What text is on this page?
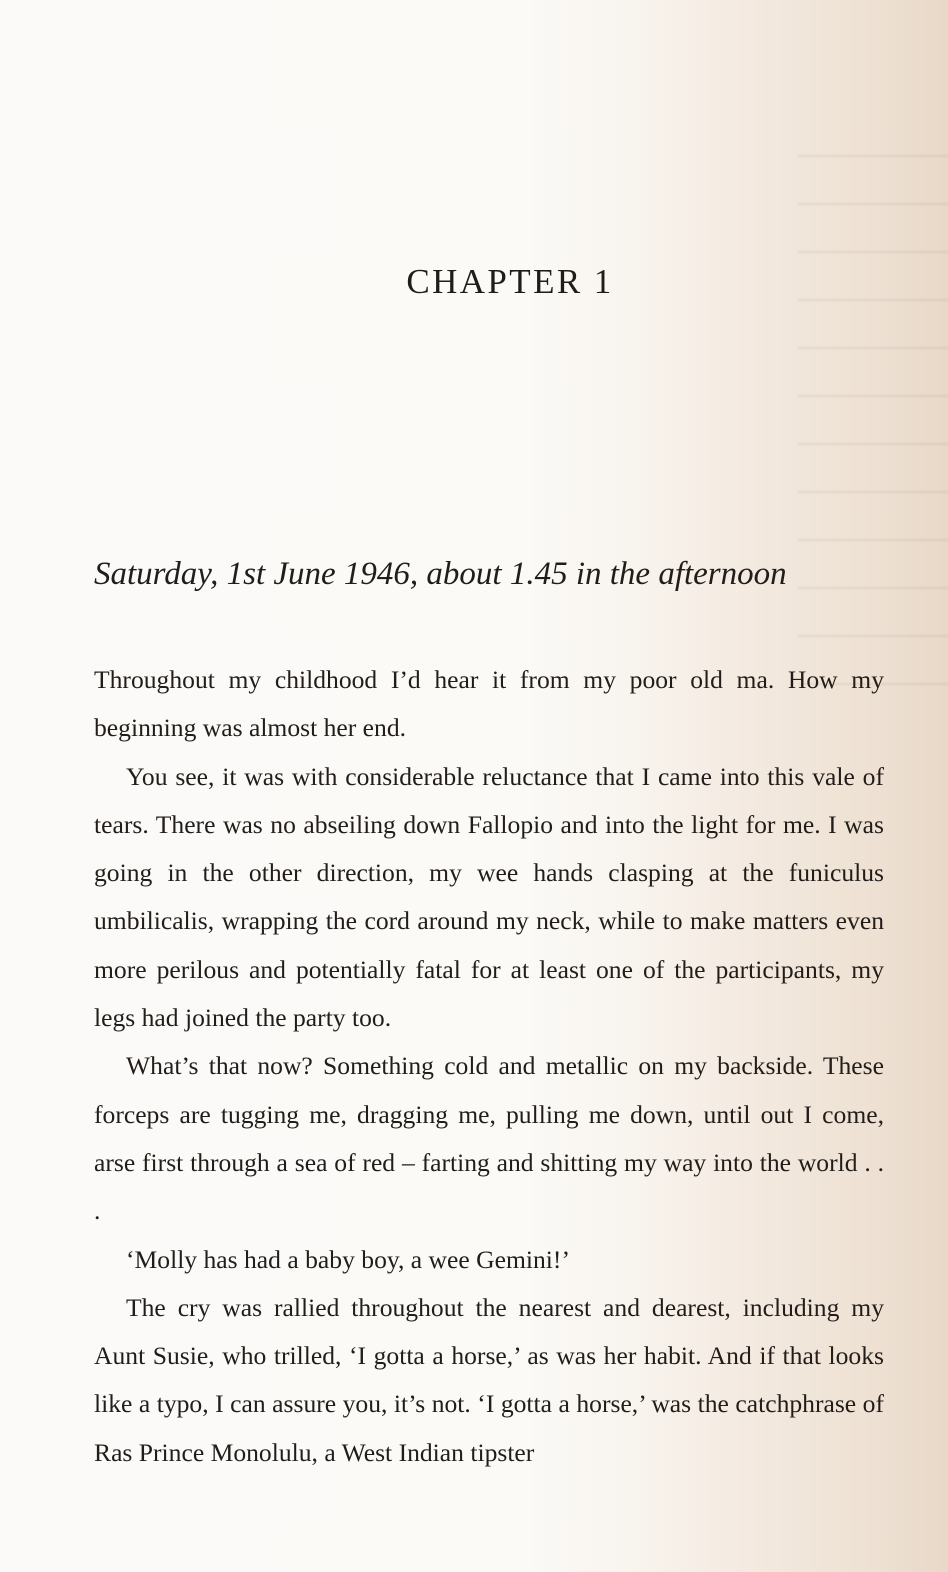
CHAPTER 1
Saturday, 1st June 1946, about 1.45 in the afternoon

Throughout my childhood I’d hear it from my poor old ma. How my beginning was almost her end.

You see, it was with considerable reluctance that I came into this vale of tears. There was no abseiling down Fallopio and into the light for me. I was going in the other direction, my wee hands clasping at the funiculus umbilicalis, wrapping the cord around my neck, while to make matters even more perilous and potentially fatal for at least one of the participants, my legs had joined the party too.

What’s that now? Something cold and metallic on my backside. These forceps are tugging me, dragging me, pulling me down, until out I come, arse first through a sea of red – farting and shitting my way into the world . . .

‘Molly has had a baby boy, a wee Gemini!’

The cry was rallied throughout the nearest and dearest, including my Aunt Susie, who trilled, ‘I gotta a horse,’ as was her habit. And if that looks like a typo, I can assure you, it’s not. ‘I gotta a horse,’ was the catchphrase of Ras Prince Monolulu, a West Indian tipster
